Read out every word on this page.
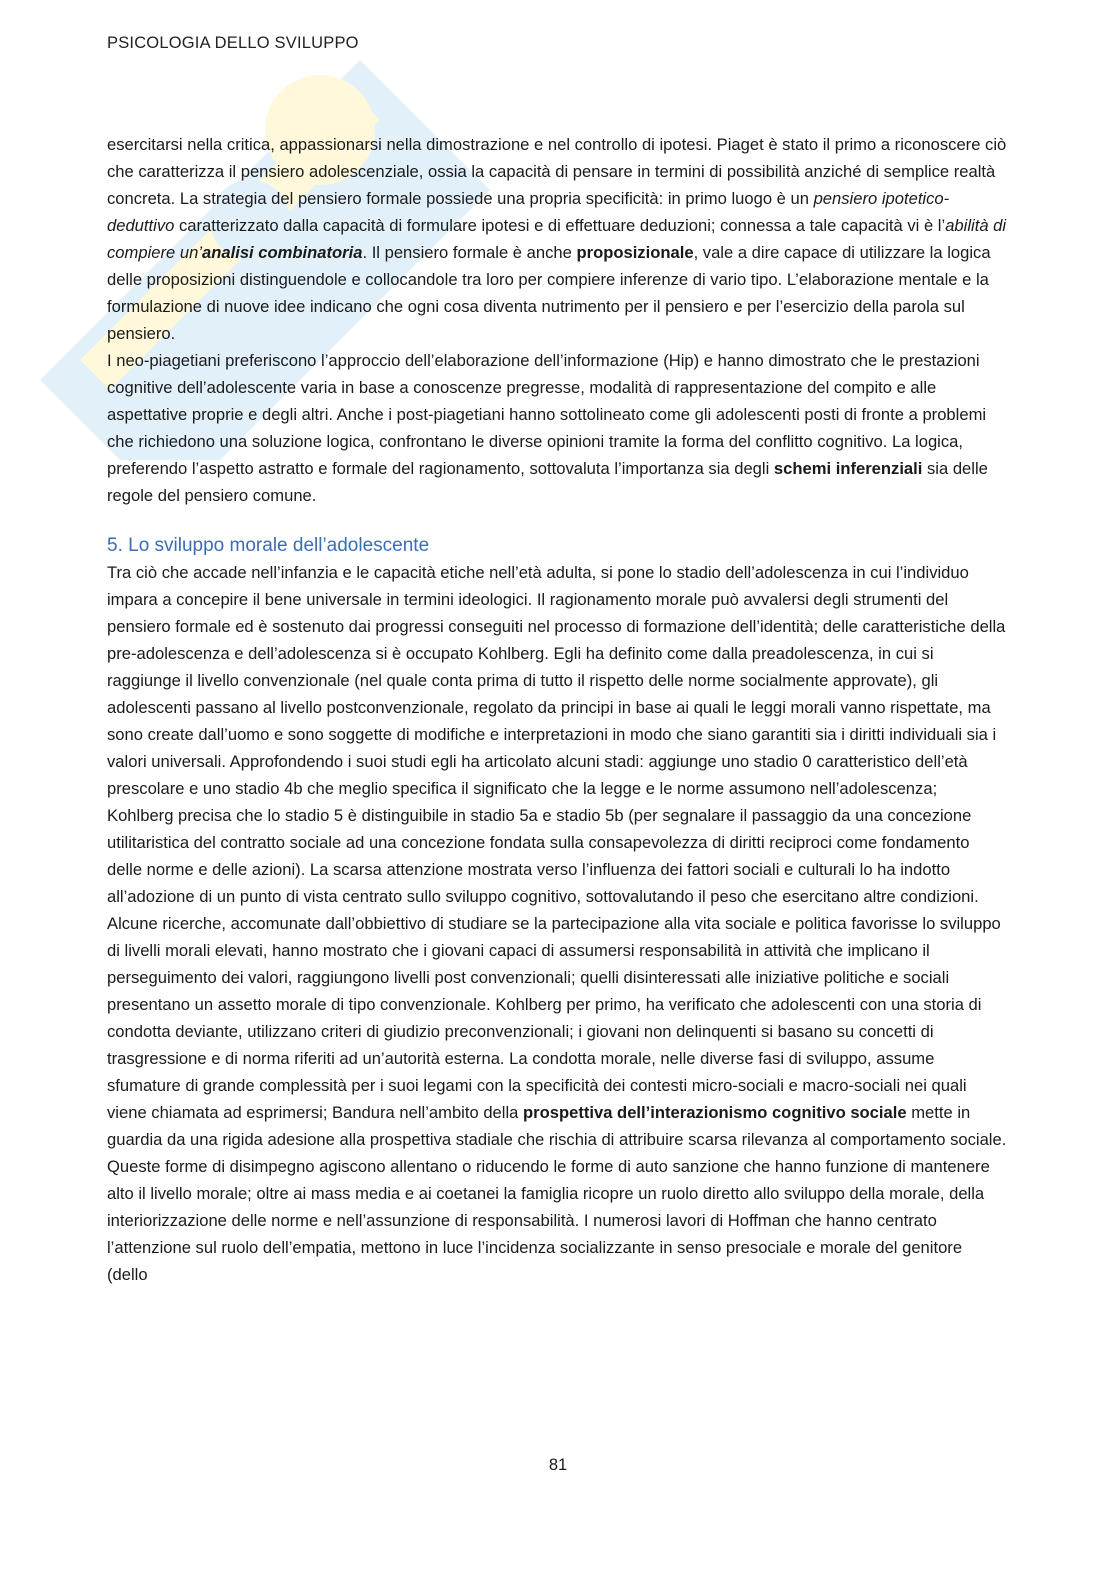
PSICOLOGIA DELLO SVILUPPO

esercitarsi nella critica, appassionarsi nella dimostrazione e nel controllo di ipotesi. Piaget è stato il primo a riconoscere ciò che caratterizza il pensiero adolescenziale, ossia la capacità di pensare in termini di possibilità anziché di semplice realtà concreta. La strategia del pensiero formale possiede una propria specificità: in primo luogo è un pensiero ipotetico- deduttivo caratterizzato dalla capacità di formulare ipotesi e di effettuare deduzioni; connessa a tale capacità vi è l’abilità di compiere un’analisi combinatoria. Il pensiero formale è anche proposizionale, vale a dire capace di utilizzare la logica delle proposizioni distinguendole e collocandole tra loro per compiere inferenze di vario tipo. L’elaborazione mentale e la formulazione di nuove idee indicano che ogni cosa diventa nutrimento per il pensiero e per l’esercizio della parola sul pensiero.

I neo-piagetiani preferiscono l’approccio dell’elaborazione dell’informazione (Hip) e hanno dimostrato che le prestazioni cognitive dell’adolescente varia in base a conoscenze pregresse, modalità di rappresentazione del compito e alle aspettative proprie e degli altri. Anche i post-piagetiani hanno sottolineato come gli adolescenti posti di fronte a problemi che richiedono una soluzione logica, confrontano le diverse opinioni tramite la forma del conflitto cognitivo. La logica, preferendo l’aspetto astratto e formale del ragionamento, sottovaluta l’importanza sia degli schemi inferenziali sia delle regole del pensiero comune.

5. Lo sviluppo morale dell’adolescente

Tra ciò che accade nell’infanzia e le capacità etiche nell’età adulta, si pone lo stadio dell’adolescenza in cui l’individuo impara a concepire il bene universale in termini ideologici. Il ragionamento morale può avvalersi degli strumenti del pensiero formale ed è sostenuto dai progressi conseguiti nel processo di formazione dell’identità; delle caratteristiche della pre-adolescenza e dell’adolescenza si è occupato Kohlberg. Egli ha definito come dalla preadolescenza, in cui si raggiunge il livello convenzionale (nel quale conta prima di tutto il rispetto delle norme socialmente approvate), gli adolescenti passano al livello postconvenzionale, regolato da principi in base ai quali le leggi morali vanno rispettate, ma sono create dall’uomo e sono soggette di modifiche e interpretazioni in modo che siano garantiti sia i diritti individuali sia i valori universali. Approfondendo i suoi studi egli ha articolato alcuni stadi: aggiunge uno stadio 0 caratteristico dell’età prescolare e uno stadio 4b che meglio specifica il significato che la legge e le norme assumono nell’adolescenza; Kohlberg precisa che lo stadio 5 è distinguibile in stadio 5a e stadio 5b (per segnalare il passaggio da una concezione utilitaristica del contratto sociale ad una concezione fondata sulla consapevolezza di diritti reciproci come fondamento delle norme e delle azioni). La scarsa attenzione mostrata verso l’influenza dei fattori sociali e culturali lo ha indotto all’adozione di un punto di vista centrato sullo sviluppo cognitivo, sottovalutando il peso che esercitano altre condizioni.

Alcune ricerche, accomunate dall’obbiettivo di studiare se la partecipazione alla vita sociale e politica favorisse lo sviluppo di livelli morali elevati, hanno mostrato che i giovani capaci di assumersi responsabilità in attività che implicano il perseguimento dei valori, raggiungono livelli post convenzionali; quelli disinteressati alle iniziative politiche e sociali presentano un assetto morale di tipo convenzionale. Kohlberg per primo, ha verificato che adolescenti con una storia di condotta deviante, utilizzano criteri di giudizio preconvenzionali; i giovani non delinquenti si basano su concetti di trasgressione e di norma riferiti ad un’autorità esterna. La condotta morale, nelle diverse fasi di sviluppo, assume sfumature di grande complessità per i suoi legami con la specificità dei contesti micro-sociali e macro-sociali nei quali viene chiamata ad esprimersi; Bandura nell’ambito della prospettiva dell’interazionismo cognitivo sociale mette in guardia da una rigida adesione alla prospettiva stadiale che rischia di attribuire scarsa rilevanza al comportamento sociale. Queste forme di disimpegno agiscono allentano o riducendo le forme di auto sanzione che hanno funzione di mantenere alto il livello morale; oltre ai mass media e ai coetanei la famiglia ricopre un ruolo diretto allo sviluppo della morale, della interiorizzazione delle norme e nell’assunzione di responsabilità. I numerosi lavori di Hoffman che hanno centrato l’attenzione sul ruolo dell’empatia, mettono in luce l’incidenza socializzante in senso presociale e morale del genitore (dello

81
